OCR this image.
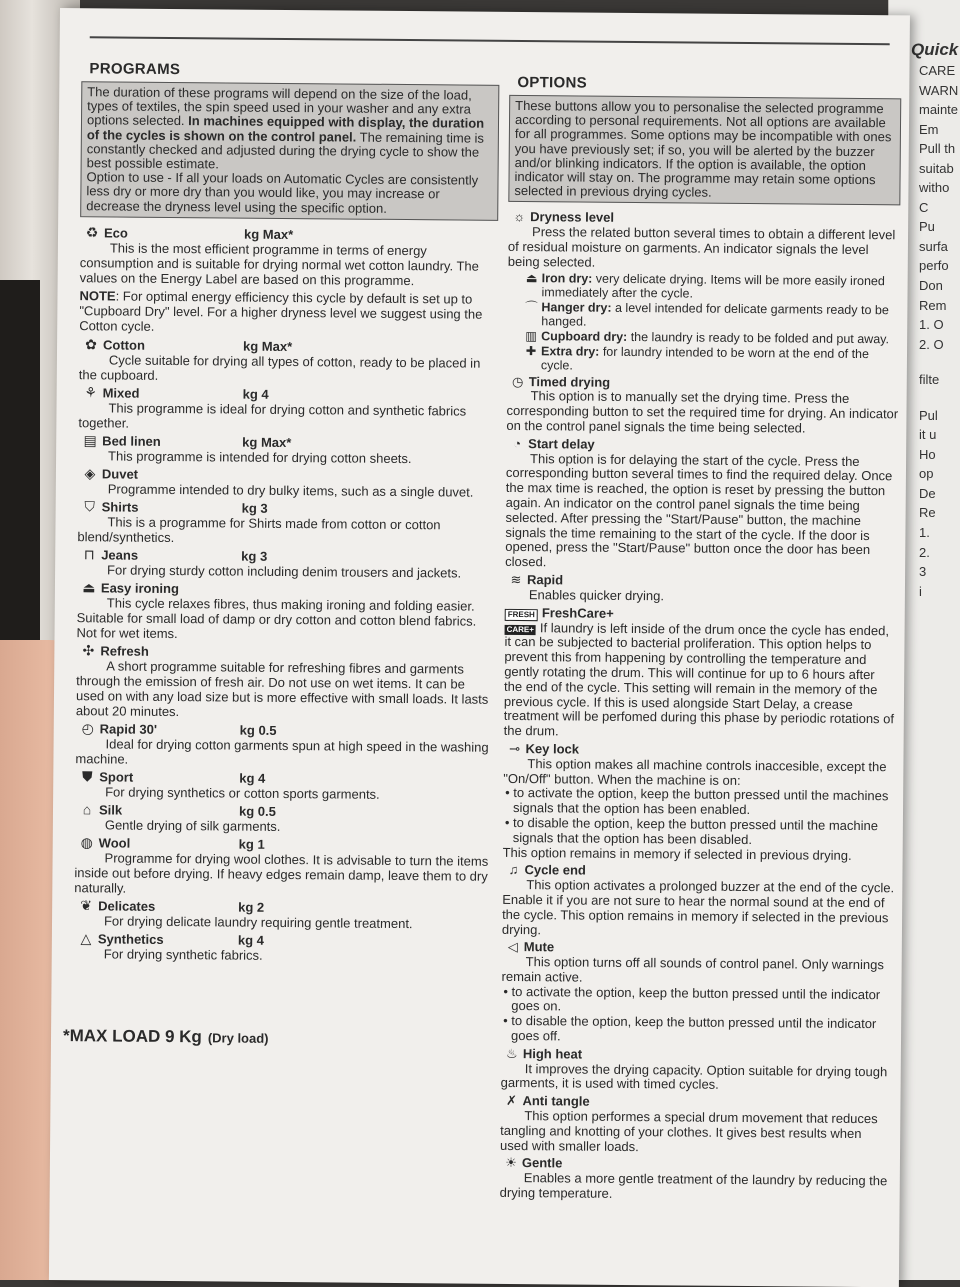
Quick
CARE
WARN
mainte
Em
Pull th
suitab
witho
C
Pu
surfa
perfo
Don
Rem
1. O
2. O
filte
Pul
it u
Ho
op
De
Re
1.
2.
3
i
PROGRAMS
The duration of these programs will depend on the size of the load, types of textiles, the spin speed used in your washer and any extra options selected. In machines equipped with display, the duration of the cycles is shown on the control panel. The remaining time is constantly checked and adjusted during the drying cycle to show the best possible estimate.
Option to use - If all your loads on Automatic Cycles are consistently less dry or more dry than you would like, you may increase or decrease the dryness level using the specific option.
♻ Eco	kg Max*
This is the most efficient programme in terms of energy consumption and is suitable for drying normal wet cotton laundry. The values on the Energy Label are based on this programme.
NOTE: For optimal energy efficiency this cycle by default is set up to "Cupboard Dry" level. For a higher dryness level we suggest using the Cotton cycle.
✿ Cotton	kg Max*
Cycle suitable for drying all types of cotton, ready to be placed in the cupboard.
⚘ Mixed	kg 4
This programme is ideal for drying cotton and synthetic fabrics together.
▤ Bed linen	kg Max*
This programme is intended for drying cotton sheets.
◈ Duvet
Programme intended to dry bulky items, such as a single duvet.
⛉ Shirts	kg 3
This is a programme for Shirts made from cotton or cotton blend/synthetics.
⊓ Jeans	kg 3
For drying sturdy cotton including denim trousers and jackets.
⏏ Easy ironing
This cycle relaxes fibres, thus making ironing and folding easier. Suitable for small load of damp or dry cotton and cotton blend fabrics. Not for wet items.
✣ Refresh
A short programme suitable for refreshing fibres and garments through the emission of fresh air. Do not use on wet items. It can be used on with any load size but is more effective with small loads. It lasts about 20 minutes.
◴ Rapid 30'	kg 0.5
Ideal for drying cotton garments spun at high speed in the washing machine.
⛊ Sport	kg 4
For drying synthetics or cotton sports garments.
⌂ Silk	kg 0.5
Gentle drying of silk garments.
◍ Wool	kg 1
Programme for drying wool clothes. It is advisable to turn the items inside out before drying. If heavy edges remain damp, leave them to dry naturally.
❦ Delicates	kg 2
For drying delicate laundry requiring gentle treatment.
△ Synthetics	kg 4
For drying synthetic fabrics.
*MAX LOAD 9 Kg (Dry load)
OPTIONS
These buttons allow you to personalise the selected programme according to personal requirements. Not all options are available for all programmes. Some options may be incompatible with ones you have previously set; if so, you will be alerted by the buzzer and/or blinking indicators. If the option is available, the option indicator will stay on. The programme may retain some options selected in previous drying cycles.
☼ Dryness level
Press the related button several times to obtain a different level of residual moisture on garments. An indicator signals the level being selected.
⏏ Iron dry: very delicate drying. Items will be more easily ironed immediately after the cycle.
⌒ Hanger dry: a level intended for delicate garments ready to be hanged.
▥ Cupboard dry: the laundry is ready to be folded and put away.
✚ Extra dry: for laundry intended to be worn at the end of the cycle.
◷ Timed drying
This option is to manually set the drying time. Press the corresponding button to set the required time for drying. An indicator on the control panel signals the time being selected.
◔ Start delay
This option is for delaying the start of the cycle. Press the corresponding button several times to find the required delay. Once the max time is reached, the option is reset by pressing the button again. An indicator on the control panel signals the time being selected. After pressing the "Start/Pause" button, the machine signals the time remaining to the start of the cycle. If the door is opened, press the "Start/Pause" button once the door has been closed.
≋ Rapid
Enables quicker drying.
FRESH FreshCare+
CARE+ If laundry is left inside of the drum once the cycle has ended, it can be subjected to bacterial proliferation. This option helps to prevent this from happening by controlling the temperature and gently rotating the drum. This will continue for up to 6 hours after the end of the cycle. This setting will remain in the memory of the previous cycle. If this is used alongside Start Delay, a crease treatment will be perfomed during this phase by periodic rotations of the drum.
⊸ Key lock
This option makes all machine controls inaccesible, except the "On/Off" button. When the machine is on:
• to activate the option, keep the button pressed until the machines signals that the option has been enabled.
• to disable the option, keep the button pressed until the machine signals that the option has been disabled.
This option remains in memory if selected in previous drying.
♫ Cycle end
This option activates a prolonged buzzer at the end of the cycle. Enable it if you are not sure to hear the normal sound at the end of the cycle. This option remains in memory if selected in the previous drying.
◁ Mute
This option turns off all sounds of control panel. Only warnings remain active.
• to activate the option, keep the button pressed until the indicator goes on.
• to disable the option, keep the button pressed until the indicator goes off.
♨ High heat
It improves the drying capacity. Option suitable for drying tough garments, it is used with timed cycles.
✗ Anti tangle
This option performes a special drum movement that reduces tangling and knotting of your clothes. It gives best results when used with smaller loads.
☀ Gentle
Enables a more gentle treatment of the laundry by reducing the drying temperature.
